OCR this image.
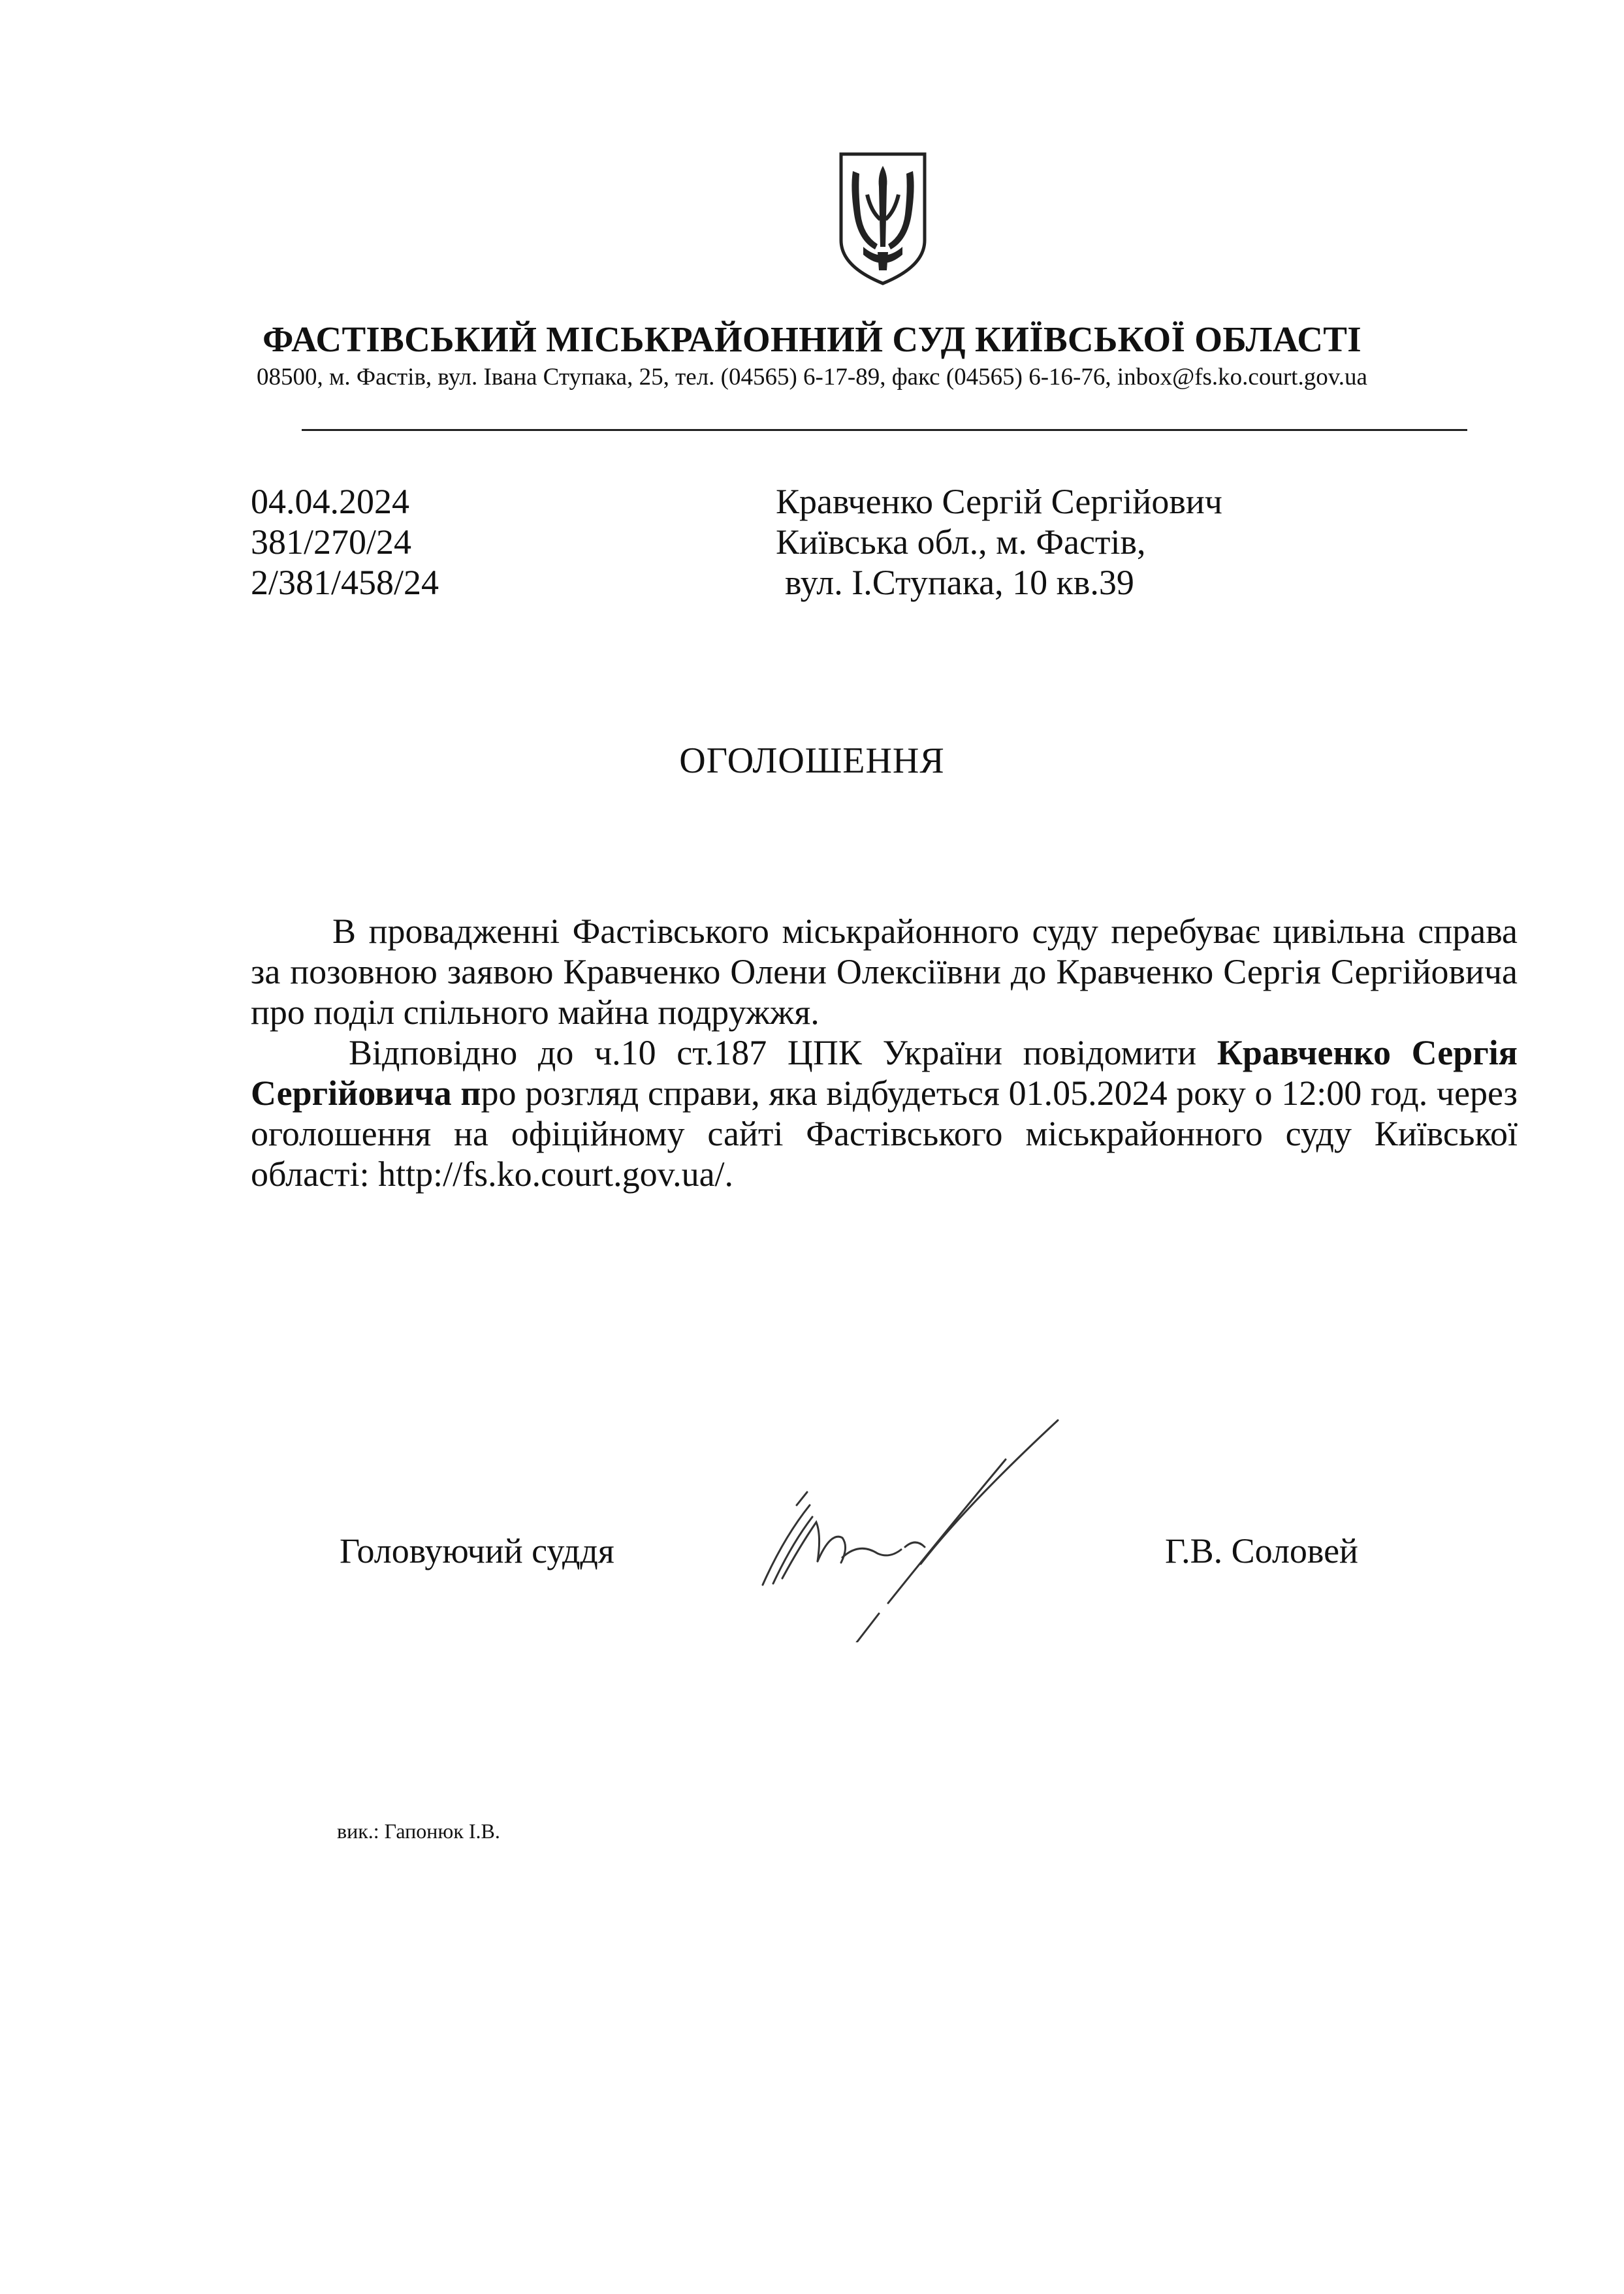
ФАСТІВСЬКИЙ МІСЬКРАЙОННИЙ СУД КИЇВСЬКОЇ ОБЛАСТІ
08500, м. Фастів, вул. Івана Ступака, 25, тел. (04565) 6-17-89, факс (04565) 6-16-76, inbox@fs.ko.court.gov.ua
04.04.2024
381/270/24
2/381/458/24
Кравченко Сергій Сергійович
Київська обл., м. Фастів,
вул. І.Ступака, 10 кв.39
ОГОЛОШЕННЯ

В провадженні Фастівського міськрайонного суду перебуває цивільна справа за позовною заявою Кравченко Олени Олексіївни до Кравченко Сергія Сергійовича про поділ спільного майна подружжя.

Відповідно до ч.10 ст.187 ЦПК України повідомити Кравченко Сергія Сергійовича про розгляд справи, яка відбудеться 01.05.2024 року о 12:00 год. через оголошення на офіційному сайті Фастівського міськрайонного суду Київської області: http://fs.ko.court.gov.ua/.

Головуючий суддя	Г.В. Соловей
вик.: Гапонюк І.В.
